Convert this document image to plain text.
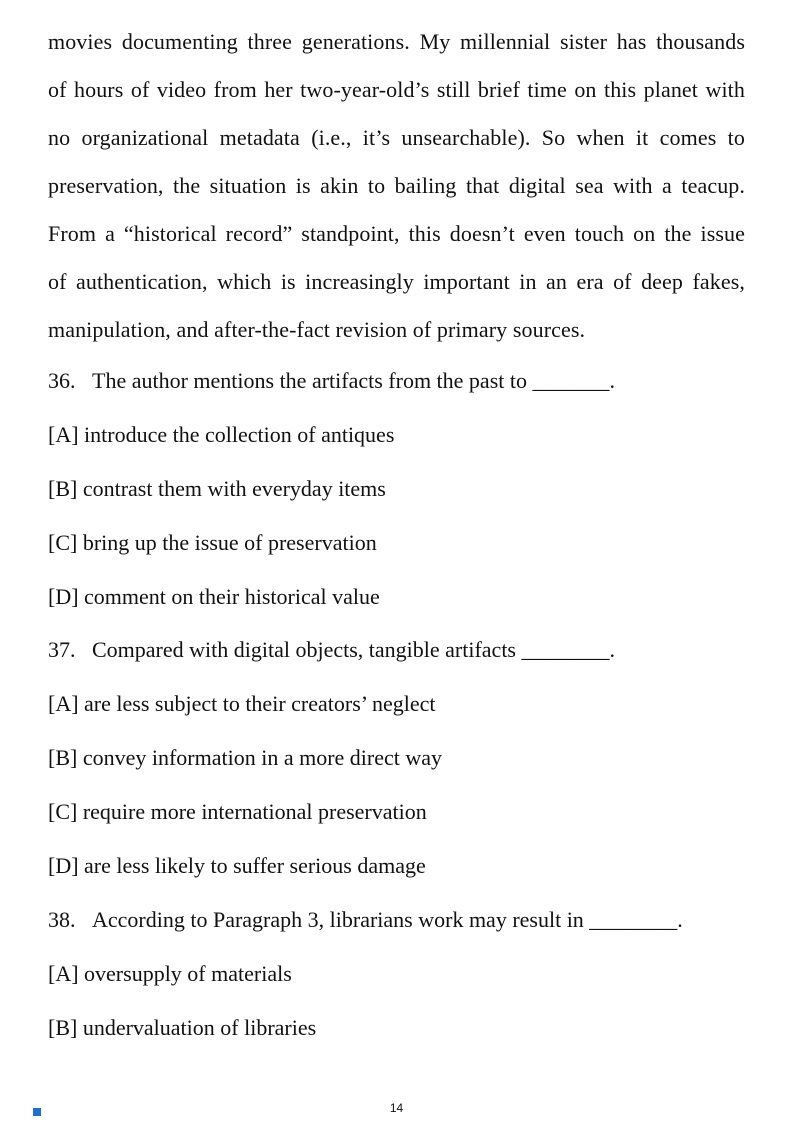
movies documenting three generations. My millennial sister has thousands
of hours of video from her two-year-old’s still brief time on this planet with
no organizational metadata (i.e., it’s unsearchable). So when it comes to
preservation, the situation is akin to bailing that digital sea with a teacup.
From a “historical record” standpoint, this doesn’t even touch on the issue
of authentication, which is increasingly important in an era of deep fakes,
manipulation, and after-the-fact revision of primary sources.

36. The author mentions the artifacts from the past to _______.

[A] introduce the collection of antiques

[B] contrast them with everyday items

[C] bring up the issue of preservation

[D] comment on their historical value

37. Compared with digital objects, tangible artifacts ________.

[A] are less subject to their creators’ neglect

[B] convey information in a more direct way

[C] require more international preservation

[D] are less likely to suffer serious damage

38. According to Paragraph 3, librarians work may result in ________.

[A] oversupply of materials

[B] undervaluation of libraries

14
